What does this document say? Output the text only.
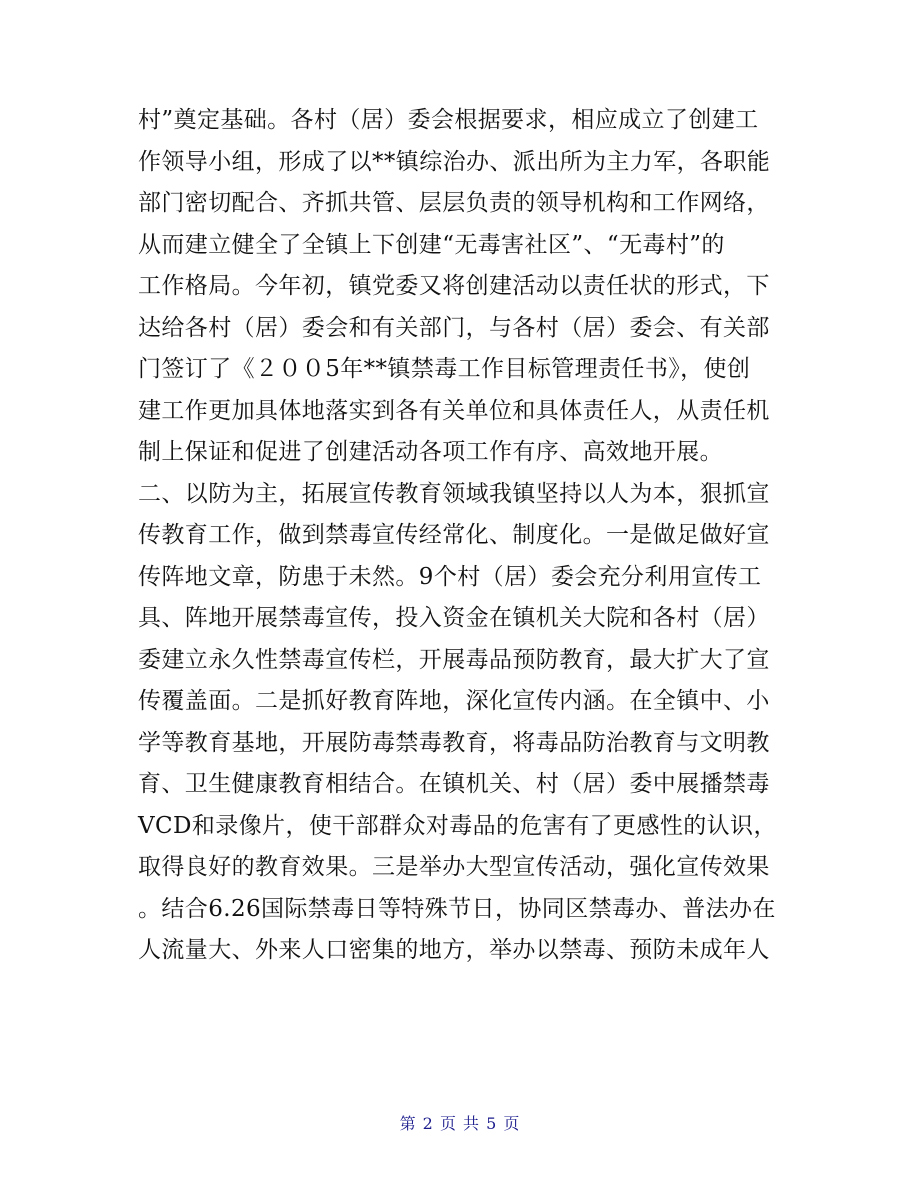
村”奠定基础。各村（居）委会根据要求，相应成立了创建工
作领导小组，形成了以**镇综治办、派出所为主力军，各职能
部门密切配合、齐抓共管、层层负责的领导机构和工作网络，
从而建立健全了全镇上下创建“无毒害社区”、“无毒村”的
工作格局。今年初，镇党委又将创建活动以责任状的形式，下
达给各村（居）委会和有关部门，与各村（居）委会、有关部
门签订了《２００5年**镇禁毒工作目标管理责任书》，使创
建工作更加具体地落实到各有关单位和具体责任人，从责任机
制上保证和促进了创建活动各项工作有序、高效地开展。
二、以防为主，拓展宣传教育领域我镇坚持以人为本，狠抓宣
传教育工作，做到禁毒宣传经常化、制度化。一是做足做好宣
传阵地文章，防患于未然。9个村（居）委会充分利用宣传工
具、阵地开展禁毒宣传，投入资金在镇机关大院和各村（居）
委建立永久性禁毒宣传栏，开展毒品预防教育，最大扩大了宣
传覆盖面。二是抓好教育阵地，深化宣传内涵。在全镇中、小
学等教育基地，开展防毒禁毒教育，将毒品防治教育与文明教
育、卫生健康教育相结合。在镇机关、村（居）委中展播禁毒
VCD和录像片，使干部群众对毒品的危害有了更感性的认识，
取得良好的教育效果。三是举办大型宣传活动，强化宣传效果
。结合6.26国际禁毒日等特殊节日，协同区禁毒办、普法办在
人流量大、外来人口密集的地方，举办以禁毒、预防未成年人
第 2 页 共 5 页
